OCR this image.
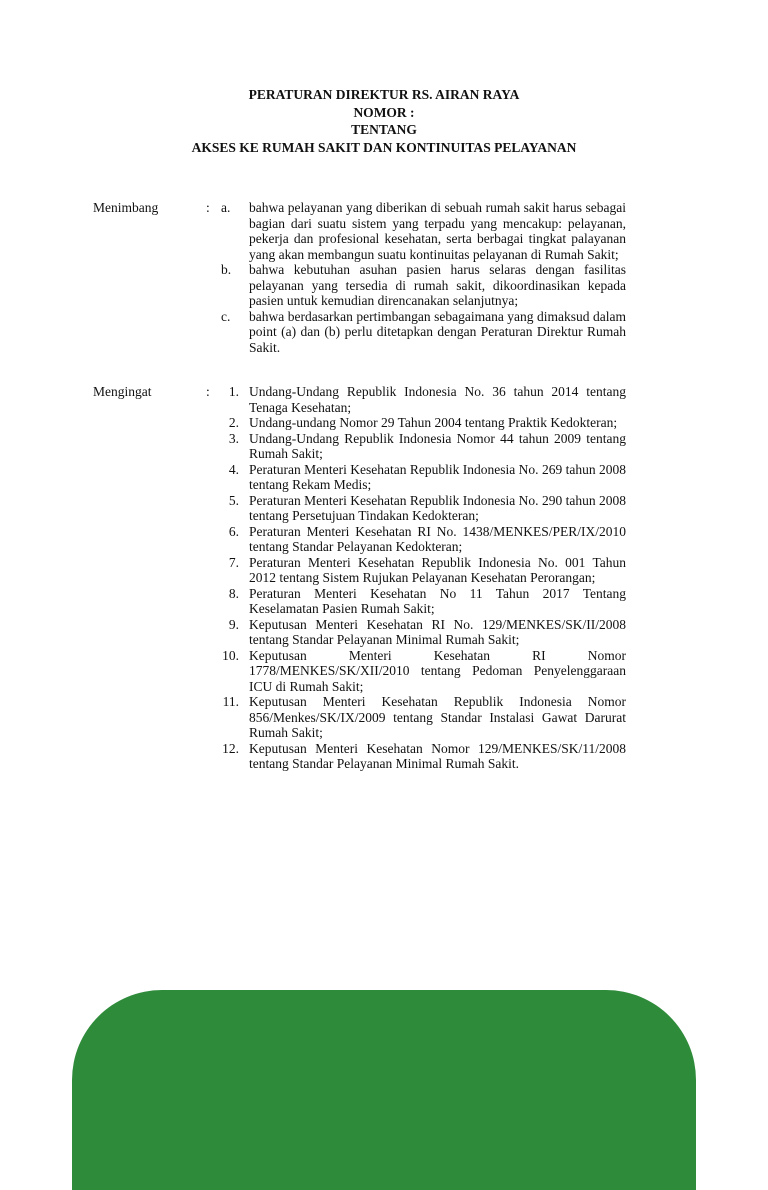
PERATURAN DIREKTUR RS. AIRAN RAYA
NOMOR :
TENTANG
AKSES KE RUMAH SAKIT DAN KONTINUITAS PELAYANAN
Menimbang	: a.	bahwa pelayanan yang diberikan di sebuah rumah sakit harus sebagai bagian dari suatu sistem yang terpadu yang mencakup: pelayanan, pekerja dan profesional kesehatan, serta berbagai tingkat palayanan yang akan membangun suatu kontinuitas pelayanan di Rumah Sakit;
b.	bahwa kebutuhan asuhan pasien harus selaras dengan fasilitas pelayanan yang tersedia di rumah sakit, dikoordinasikan kepada pasien untuk kemudian direncanakan selanjutnya;
c.	bahwa berdasarkan pertimbangan sebagaimana yang dimaksud dalam point (a) dan (b) perlu ditetapkan dengan Peraturan Direktur Rumah Sakit.
Mengingat	:	1. Undang-Undang Republik Indonesia No. 36 tahun 2014 tentang Tenaga Kesehatan;
2. Undang-undang Nomor 29 Tahun 2004 tentang Praktik Kedokteran;
3. Undang-Undang Republik Indonesia Nomor 44 tahun 2009 tentang Rumah Sakit;
4. Peraturan Menteri Kesehatan Republik Indonesia No. 269 tahun 2008 tentang Rekam Medis;
5. Peraturan Menteri Kesehatan Republik Indonesia No. 290 tahun 2008 tentang Persetujuan Tindakan Kedokteran;
6. Peraturan Menteri Kesehatan RI No. 1438/MENKES/PER/IX/2010 tentang Standar Pelayanan Kedokteran;
7. Peraturan Menteri Kesehatan Republik Indonesia No. 001 Tahun 2012 tentang Sistem Rujukan Pelayanan Kesehatan Perorangan;
8. Peraturan Menteri Kesehatan No 11 Tahun 2017 Tentang Keselamatan Pasien Rumah Sakit;
9. Keputusan Menteri Kesehatan RI No. 129/MENKES/SK/II/2008 tentang Standar Pelayanan Minimal Rumah Sakit;
10. Keputusan Menteri Kesehatan RI Nomor 1778/MENKES/SK/XII/2010 tentang Pedoman Penyelenggaraan ICU di Rumah Sakit;
11. Keputusan Menteri Kesehatan Republik Indonesia Nomor 856/Menkes/SK/IX/2009 tentang Standar Instalasi Gawat Darurat Rumah Sakit;
12. Keputusan Menteri Kesehatan Nomor 129/MENKES/SK/11/2008 tentang Standar Pelayanan Minimal Rumah Sakit.
